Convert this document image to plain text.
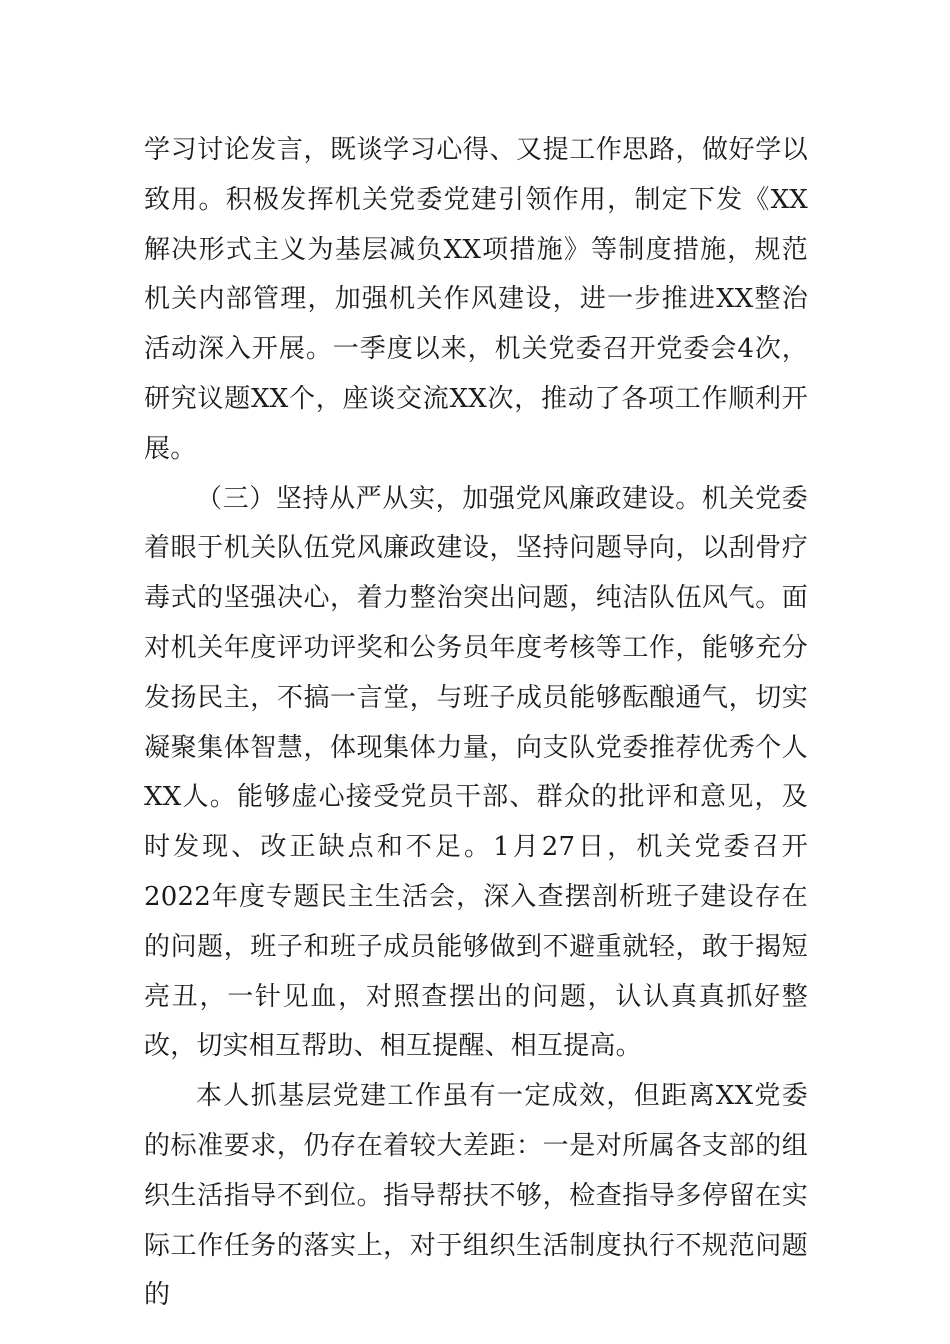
学习讨论发言，既谈学习心得、又提工作思路，做好学以致用。积极发挥机关党委党建引领作用，制定下发《XX解决形式主义为基层减负XX项措施》等制度措施，规范机关内部管理，加强机关作风建设，进一步推进XX整治活动深入开展。一季度以来，机关党委召开党委会4次，研究议题XX个，座谈交流XX次，推动了各项工作顺利开展。

（三）坚持从严从实，加强党风廉政建设。机关党委着眼于机关队伍党风廉政建设，坚持问题导向，以刮骨疗毒式的坚强决心，着力整治突出问题，纯洁队伍风气。面对机关年度评功评奖和公务员年度考核等工作，能够充分发扬民主，不搞一言堂，与班子成员能够酝酿通气，切实凝聚集体智慧，体现集体力量，向支队党委推荐优秀个人XX人。能够虚心接受党员干部、群众的批评和意见，及时发现、改正缺点和不足。1月27日，机关党委召开2022年度专题民主生活会，深入查摆剖析班子建设存在的问题，班子和班子成员能够做到不避重就轻，敢于揭短亮丑，一针见血，对照查摆出的问题，认认真真抓好整改，切实相互帮助、相互提醒、相互提高。

本人抓基层党建工作虽有一定成效，但距离XX党委的标准要求，仍存在着较大差距：一是对所属各支部的组织生活指导不到位。指导帮扶不够，检查指导多停留在实际工作任务的落实上，对于组织生活制度执行不规范问题的
